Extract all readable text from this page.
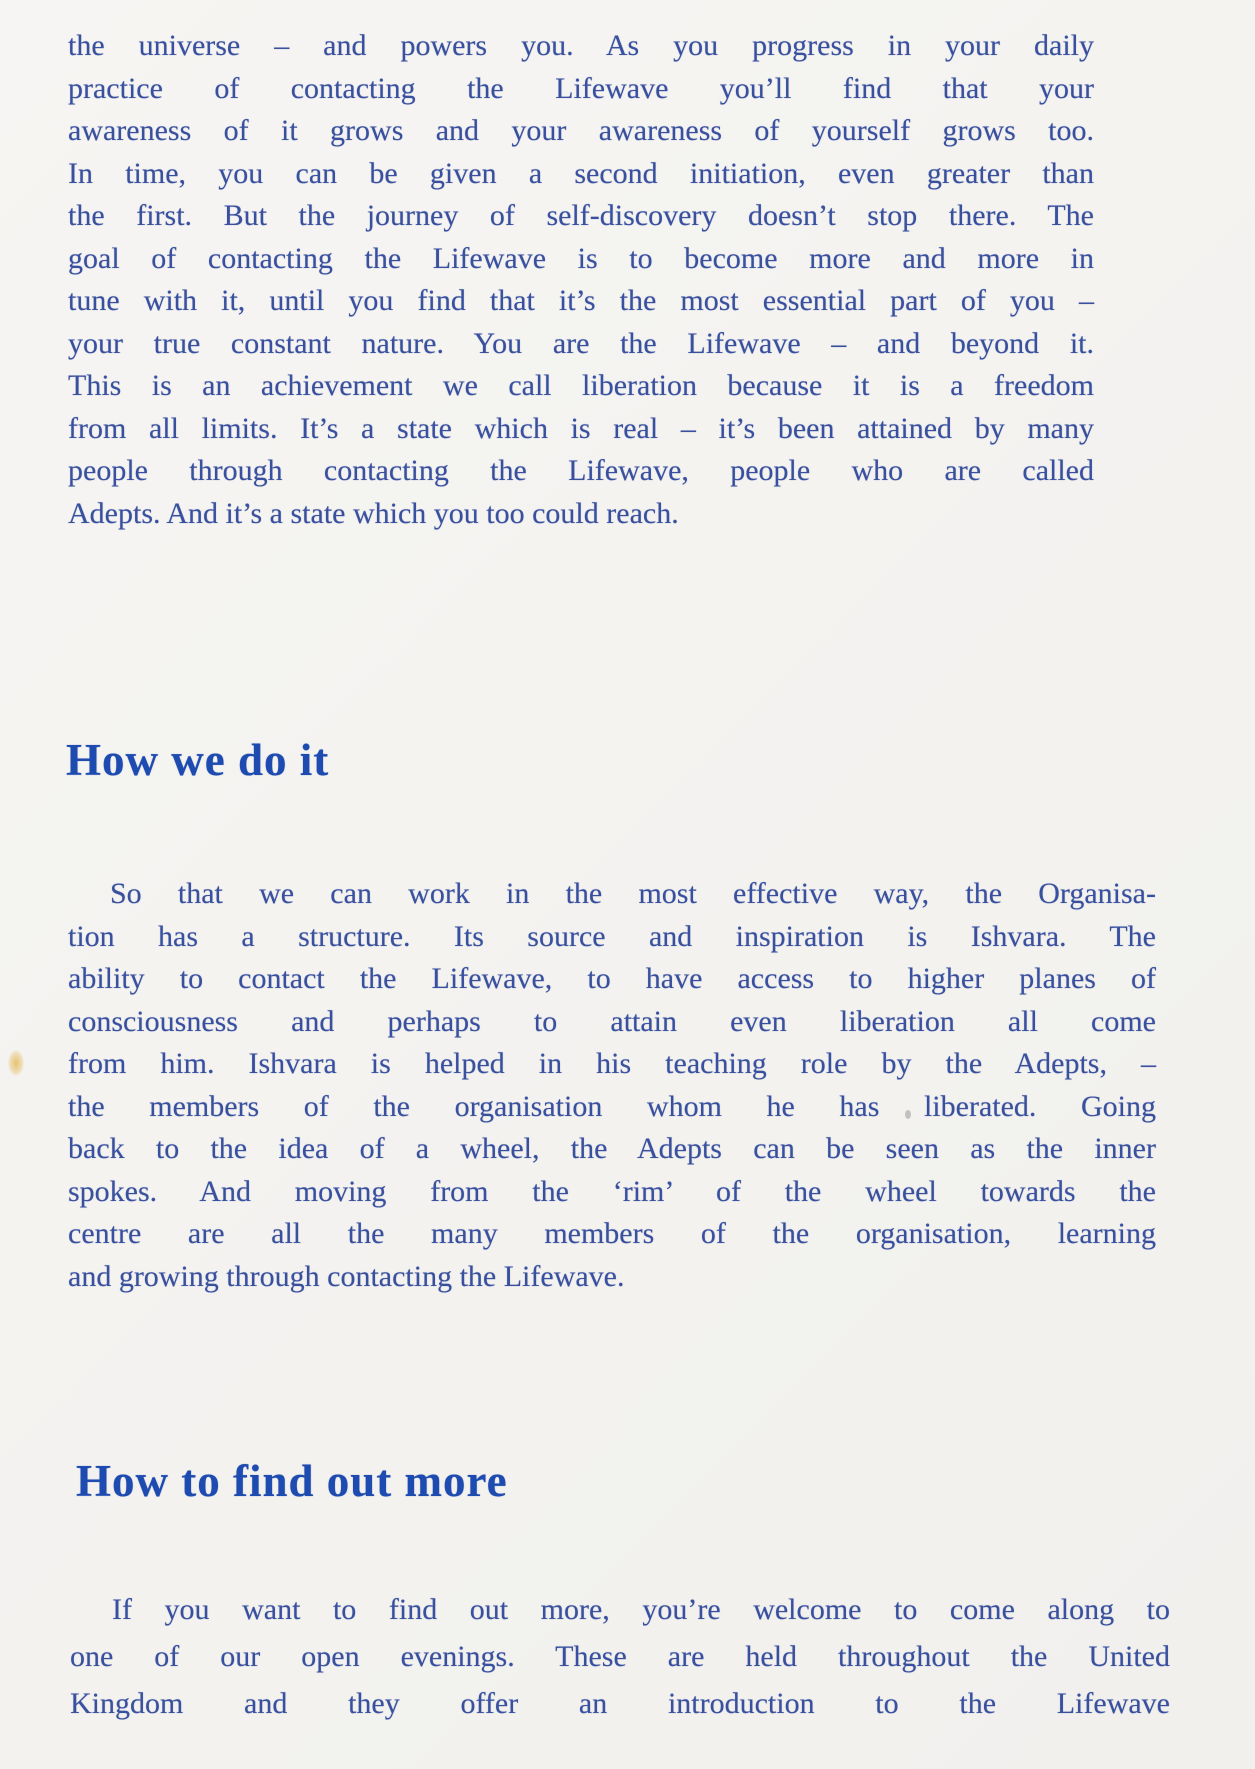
the universe – and powers you. As you progress in your daily
practice of contacting the Lifewave you’ll find that your
awareness of it grows and your awareness of yourself grows too.
In time, you can be given a second initiation, even greater than
the first. But the journey of self-discovery doesn’t stop there. The
goal of contacting the Lifewave is to become more and more in
tune with it, until you find that it’s the most essential part of you –
your true constant nature. You are the Lifewave – and beyond it.
This is an achievement we call liberation because it is a freedom
from all limits. It’s a state which is real – it’s been attained by many
people through contacting the Lifewave, people who are called
Adepts. And it’s a state which you too could reach.
How we do it
So that we can work in the most effective way, the Organisa-
tion has a structure. Its source and inspiration is Ishvara. The
ability to contact the Lifewave, to have access to higher planes of
consciousness and perhaps to attain even liberation all come
from him. Ishvara is helped in his teaching role by the Adepts, –
the members of the organisation whom he has liberated. Going
back to the idea of a wheel, the Adepts can be seen as the inner
spokes. And moving from the ‘rim’ of the wheel towards the
centre are all the many members of the organisation, learning
and growing through contacting the Lifewave.
How to find out more
If you want to find out more, you’re welcome to come along to
one of our open evenings. These are held throughout the United
Kingdom and they offer an introduction to the Lifewave
